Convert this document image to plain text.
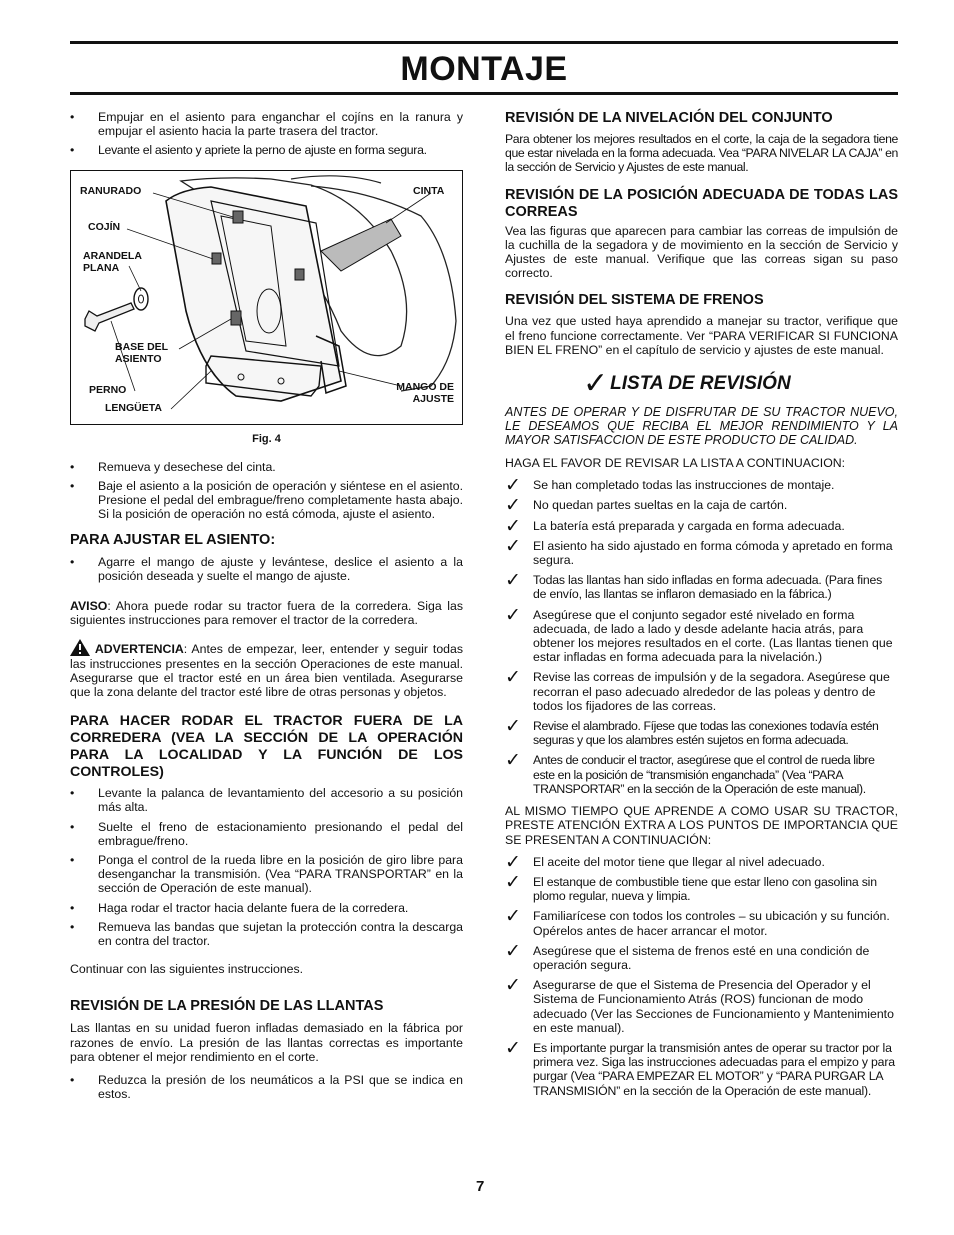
MONTAJE
• Empujar en el asiento para enganchar el cojíns en la ranura y empujar el asiento hacia la parte trasera del tractor.
• Levante el asiento y apriete la perno de ajuste en forma segura.
RANURADO
COJÍN
ARANDELA PLANA
BASE DEL ASIENTO
PERNO
LENGÜETA
CINTA
MANGO DE AJUSTE
Fig. 4
• Remueva y desechese del cinta.
• Baje el asiento a la posición de operación y siéntese en el asiento. Presione el pedal del embrague/freno completamente hasta abajo. Si la posición de operación no está cómoda, ajuste el asiento.
PARA AJUSTAR EL ASIENTO:
• Agarre el mango de ajuste y levántese, deslice el asiento a la posición deseada y suelte el mango de ajuste.

AVISO: Ahora puede rodar su tractor fuera de la corredera. Siga las siguientes instrucciones para remover el tractor de la corredera.

ADVERTENCIA: Antes de empezar, leer, entender y seguir todas las instrucciones presentes en la sección Operaciones de este manual. Asegurarse que el tractor esté en un área bien ventilada. Asegurarse que la zona delante del tractor esté libre de otras personas y objetos.

PARA HACER RODAR EL TRACTOR FUERA DE LA CORREDERA (VEA LA SECCIÓN DE LA OPERACIÓN PARA LA LOCALIDAD Y LA FUNCIÓN DE LOS CONTROLES)
• Levante la palanca de levantamiento del accesorio a su posición más alta.
• Suelte el freno de estacionamiento presionando el pedal del embrague/freno.
• Ponga el control de la rueda libre en la posición de giro libre para desenganchar la transmisión. (Vea “PARA TRANSPORTAR” en la sección de Operación de este manual).
• Haga rodar el tractor hacia delante fuera de la corredera.
• Remueva las bandas que sujetan la protección contra la descarga en contra del tractor.

Continuar con las siguientes instrucciones.

REVISIÓN DE LA PRESIÓN DE LAS LLANTAS

Las llantas en su unidad fueron infladas demasiado en la fábrica por razones de envío. La presión de las llantas correctas es importante para obtener el mejor rendimiento en el corte.

• Reduzca la presión de los neumáticos a la PSI que se indica en estos.
REVISIÓN DE LA NIVELACIÓN DEL CONJUNTO

Para obtener los mejores resultados en el corte, la caja de la segadora tiene que estar nivelada en la forma adecuada. Vea “PARA NIVELAR LA CAJA” en la sección de Servicio y Ajustes de este manual.

REVISIÓN DE LA POSICIÓN ADECUADA DE TODAS LAS CORREAS

Vea las figuras que aparecen para cambiar las correas de impulsión de la cuchilla de la segadora y de movimiento en la sección de Servicio y Ajustes de este manual. Verifique que las correas sigan su paso correcto.

REVISIÓN DEL SISTEMA DE FRENOS

Una vez que usted haya aprendido a manejar su tractor, verifique que el freno funcione correctamente. Ver “PARA VERIFICAR SI FUNCIONA BIEN EL FRENO” en el capítulo de servicio y ajustes de este manual.

✓ LISTA DE REVISIÓN
ANTES DE OPERAR Y DE DISFRUTAR DE SU TRACTOR NUEVO, LE DESEAMOS QUE RECIBA EL MEJOR RENDIMIENTO Y LA MAYOR SATISFACCION DE ESTE PRODUCTO DE CALIDAD.

HAGA EL FAVOR DE REVISAR LA LISTA A CONTINUACION:

✓ Se han completado todas las instrucciones de montaje.
✓ No quedan partes sueltas en la caja de cartón.
✓ La batería está preparada y cargada en forma adecuada.
✓ El asiento ha sido ajustado en forma cómoda y apretado en forma segura.
✓ Todas las llantas han sido infladas en forma adecuada. (Para fines de envío, las llantas se inflaron demasiado en la fábrica.)
✓ Asegúrese que el conjunto segador esté nivelado en forma adecuada, de lado a lado y desde adelante hacia atrás, para obtener los mejores resultados en el corte. (Las llantas tienen que estar infladas en forma adecuada para la nivelación.)
✓ Revise las correas de impulsión y de la segadora. Asegúrese que recorran el paso adecuado alrededor de las poleas y dentro de todos los fijadores de las correas.
✓ Revise el alambrado. Fíjese que todas las conexiones todavía estén seguras y que los alambres estén sujetos en forma adecuada.
✓ Antes de conducir el tractor, asegúrese que el control de rueda libre este en la posición de “transmisión enganchada” (Vea “PARA TRANSPORTAR” en la sección de la Operación de este manual).

AL MISMO TIEMPO QUE APRENDE A COMO USAR SU TRACTOR, PRESTE ATENCIÓN EXTRA A LOS PUNTOS DE IMPORTANCIA QUE SE PRESENTAN A CONTINUACIÓN:

✓ El aceite del motor tiene que llegar al nivel adecuado.
✓ El estanque de combustible tiene que estar lleno con gasolina sin plomo regular, nueva y limpia.
✓ Familiarícese con todos los controles – su ubicación y su función. Opérelos antes de hacer arrancar el motor.
✓ Asegúrese que el sistema de frenos esté en una condición de operación segura.
✓ Asegurarse de que el Sistema de Presencia del Operador y el Sistema de Funcionamiento Atrás (ROS) funcionan de modo adecuado (Ver las Secciones de Funcionamiento y Mantenimiento en este manual).
✓ Es importante purgar la transmisión antes de operar su tractor por la primera vez. Siga las instrucciones adecuadas para el empizo y para purgar (Vea “PARA EMPEZAR EL MOTOR” y “PARA PURGAR LA TRANSMISIÓN” en la sección de la Operación de este manual).
7
